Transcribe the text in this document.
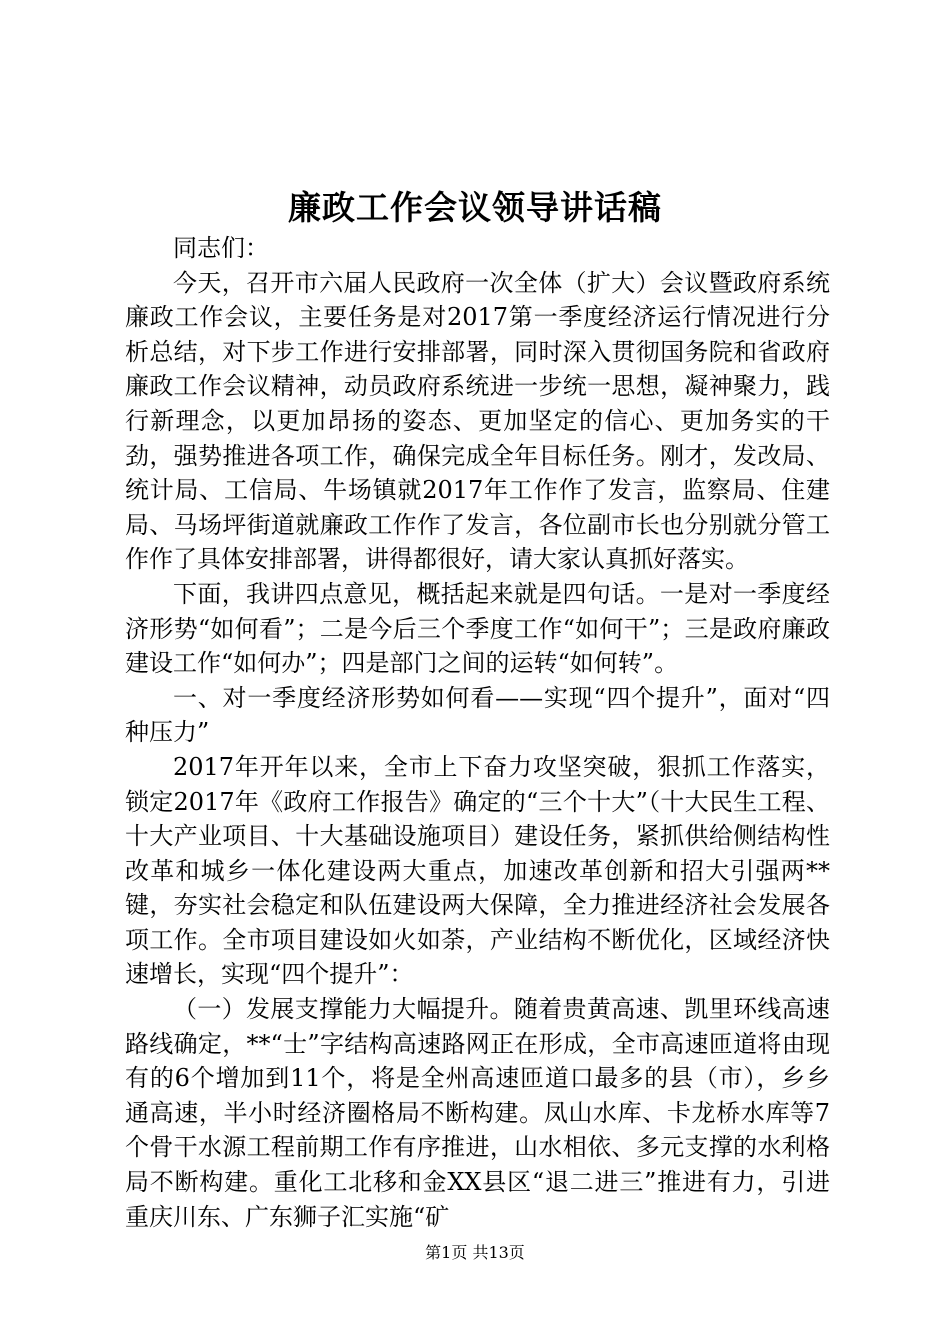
廉政工作会议领导讲话稿

同志们：

今天，召开市六届人民政府一次全体（扩大）会议暨政府系统廉政工作会议，主要任务是对2017第一季度经济运行情况进行分析总结，对下步工作进行安排部署，同时深入贯彻国务院和省政府廉政工作会议精神，动员政府系统进一步统一思想，凝神聚力，践行新理念，以更加昂扬的姿态、更加坚定的信心、更加务实的干劲，强势推进各项工作，确保完成全年目标任务。刚才，发改局、统计局、工信局、牛场镇就2017年工作作了发言，监察局、住建局、马场坪街道就廉政工作作了发言，各位副市长也分别就分管工作作了具体安排部署，讲得都很好，请大家认真抓好落实。

下面，我讲四点意见，概括起来就是四句话。一是对一季度经济形势“如何看”；二是今后三个季度工作“如何干”；三是政府廉政建设工作“如何办”；四是部门之间的运转“如何转”。

一、对一季度经济形势如何看——实现“四个提升”，面对“四种压力”

2017年开年以来，全市上下奋力攻坚突破，狠抓工作落实，锁定2017年《政府工作报告》确定的“三个十大”（十大民生工程、十大产业项目、十大基础设施项目）建设任务，紧抓供给侧结构性改革和城乡一体化建设两大重点，加速改革创新和招大引强两**键，夯实社会稳定和队伍建设两大保障，全力推进经济社会发展各项工作。全市项目建设如火如荼，产业结构不断优化，区域经济快速增长，实现“四个提升”：

（一）发展支撑能力大幅提升。随着贵黄高速、凯里环线高速路线确定，**“士”字结构高速路网正在形成，全市高速匝道将由现有的6个增加到11个，将是全州高速匝道口最多的县（市），乡乡通高速，半小时经济圈格局不断构建。凤山水库、卡龙桥水库等7个骨干水源工程前期工作有序推进，山水相依、多元支撑的水利格局不断构建。重化工北移和金XX县区“退二进三”推进有力，引进重庆川东、广东狮子汇实施“矿

第1页 共13页
